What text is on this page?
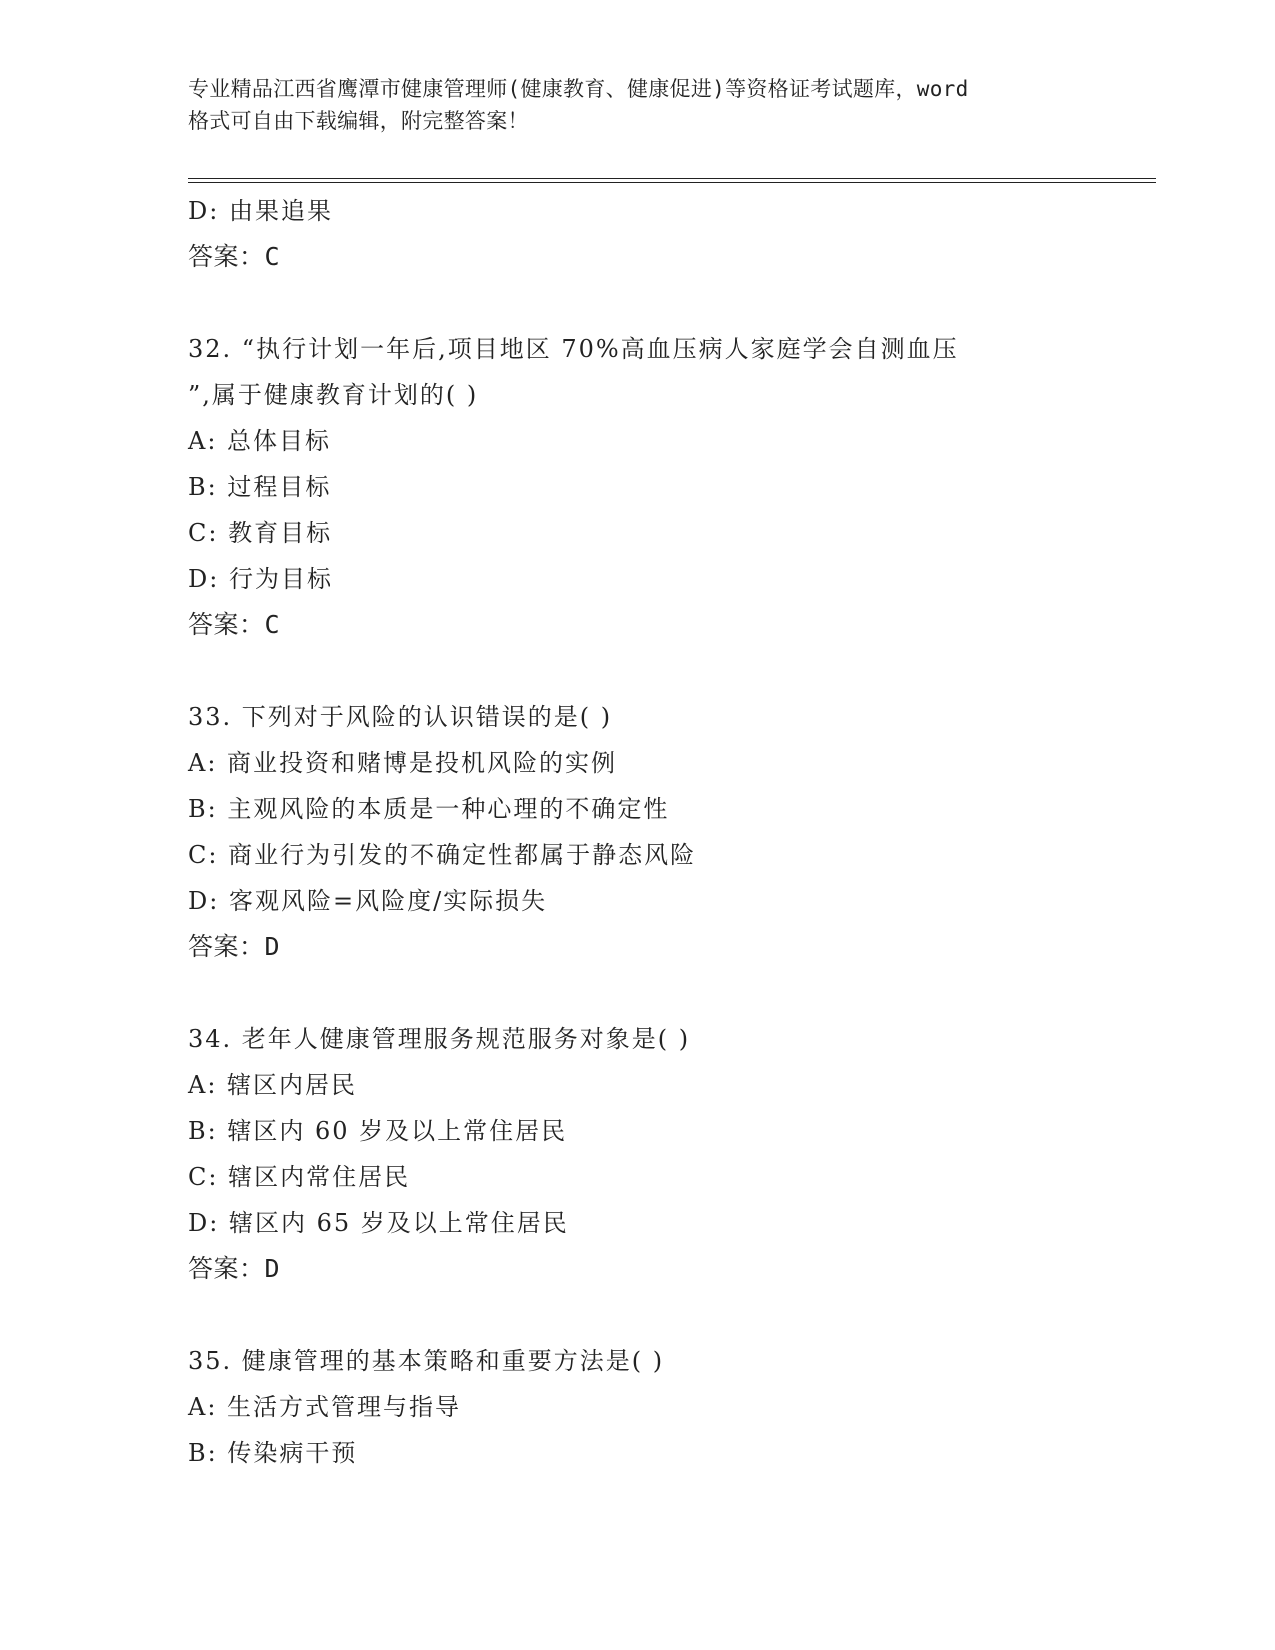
专业精品江西省鹰潭市健康管理师(健康教育、健康促进)等资格证考试题库，word
格式可自由下载编辑，附完整答案！
D: 由果追果
答案：C
32. “执行计划一年后,项目地区 70%高血压病人家庭学会自测血压
”,属于健康教育计划的( )
A: 总体目标
B: 过程目标
C: 教育目标
D: 行为目标
答案：C
33. 下列对于风险的认识错误的是( )
A: 商业投资和赌博是投机风险的实例
B: 主观风险的本质是一种心理的不确定性
C: 商业行为引发的不确定性都属于静态风险
D: 客观风险=风险度/实际损失
答案：D
34. 老年人健康管理服务规范服务对象是( )
A: 辖区内居民
B: 辖区内 60 岁及以上常住居民
C: 辖区内常住居民
D: 辖区内 65 岁及以上常住居民
答案：D
35. 健康管理的基本策略和重要方法是( )
A: 生活方式管理与指导
B: 传染病干预
